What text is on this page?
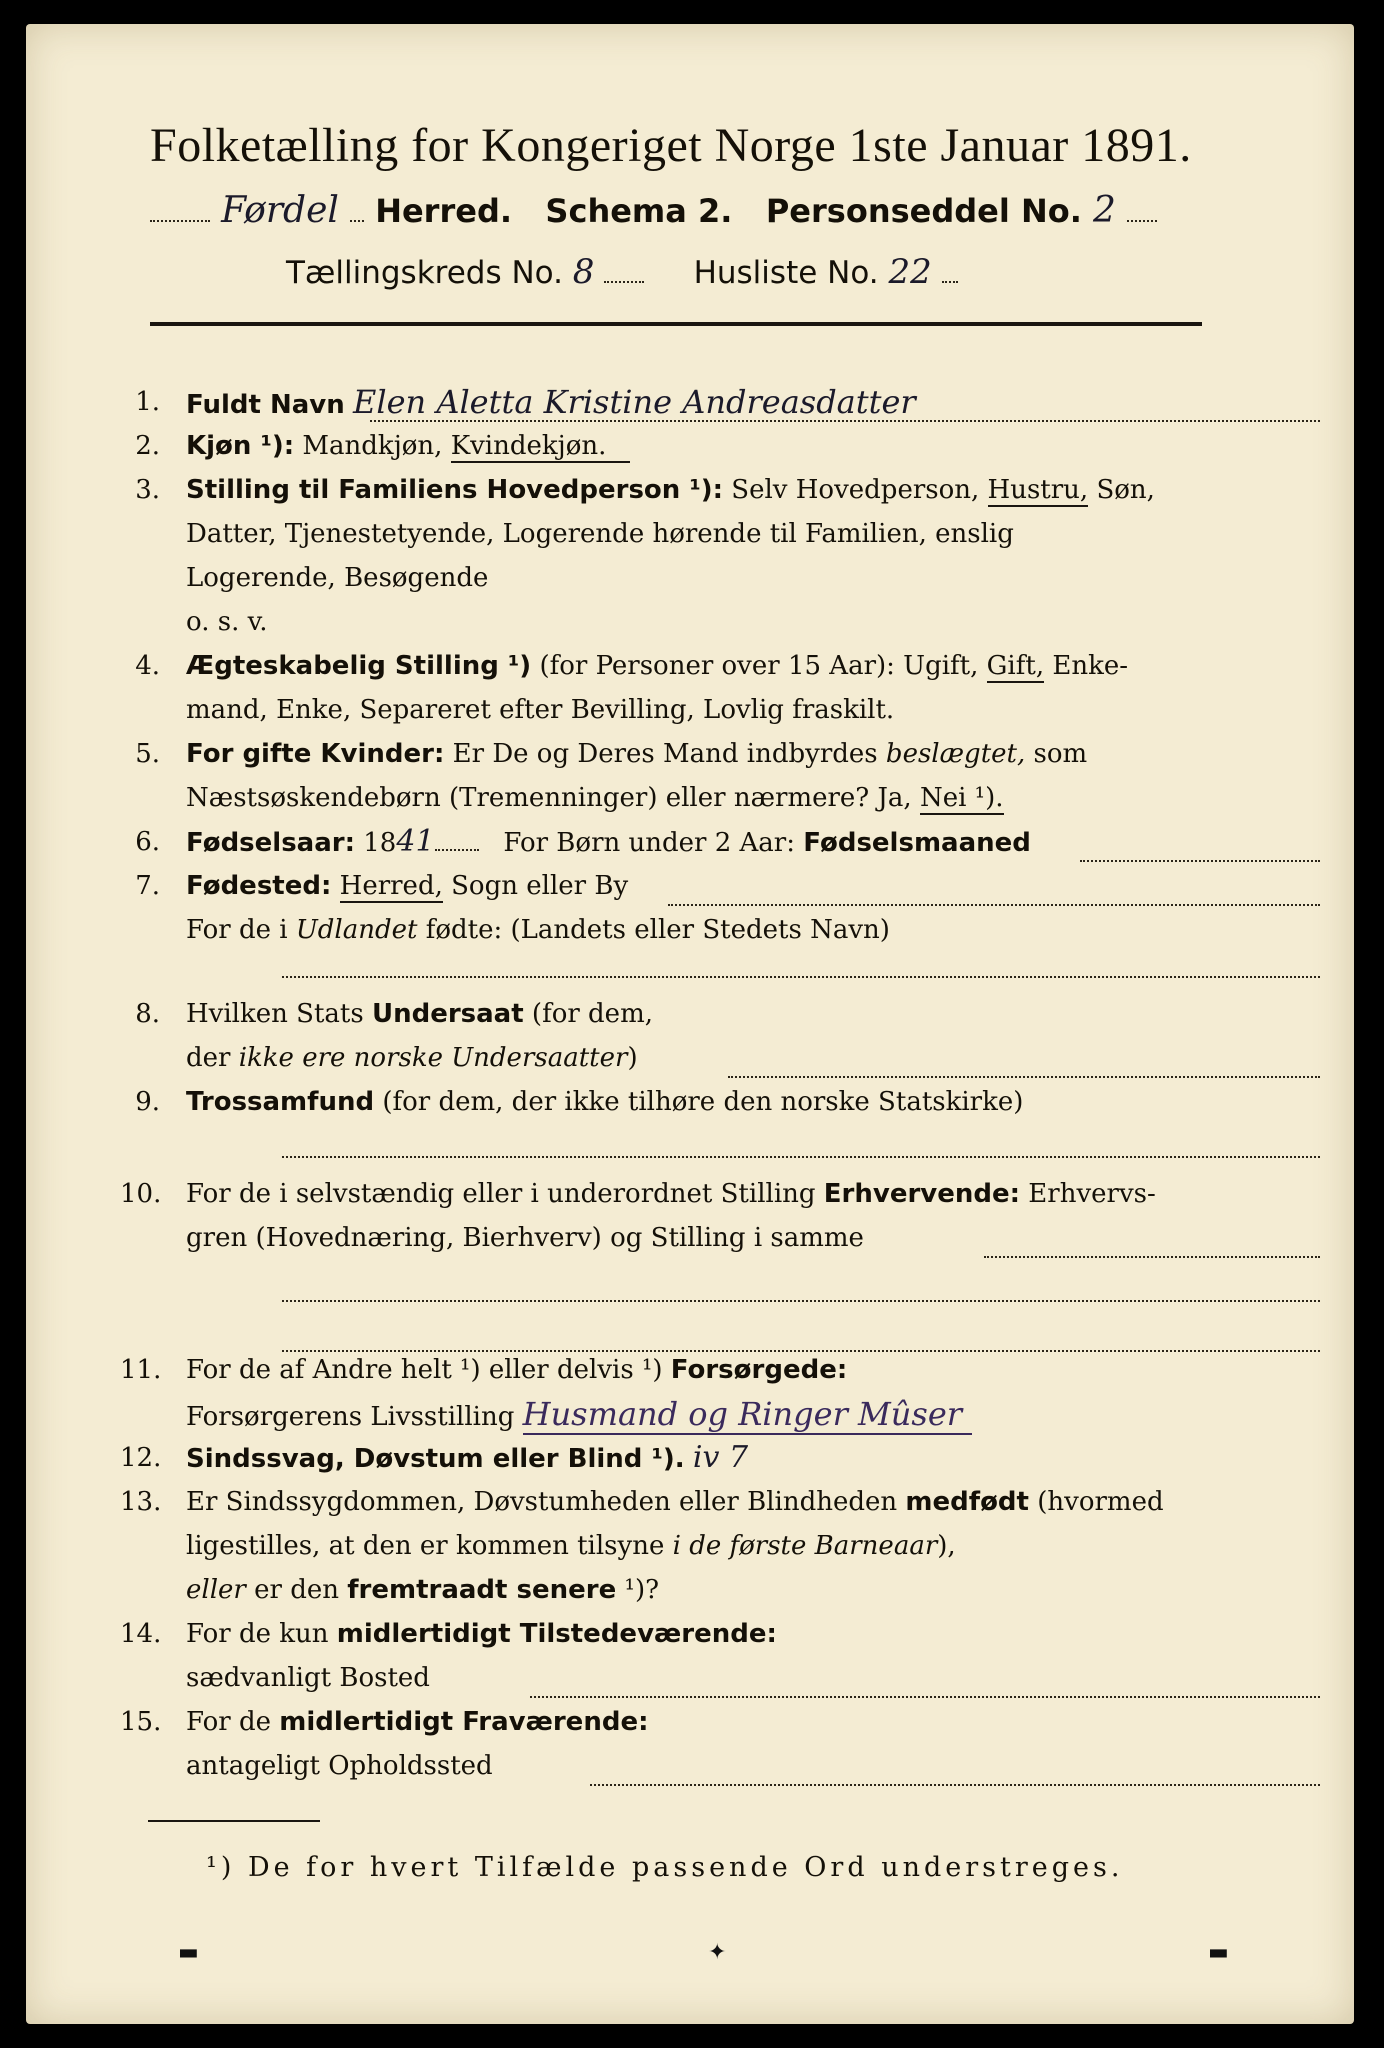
Folketælling for Kongeriget Norge 1ste Januar 1891.
Førdel Herred. Schema 2. Personseddel No. 2
Tællingskreds No. 8	Husliste No. 22
1. Fuldt Navn Elen Aletta Kristine Andreasdatter
2. Kjøn ¹): Mandkjøn, Kvindekjøn.
3. Stilling til Familiens Hovedperson ¹): Selv Hovedperson, Hustru, Søn,
Datter, Tjenestetyende, Logerende hørende til Familien, enslig
Logerende, Besøgende
o. s. v.
4. Ægteskabelig Stilling ¹) (for Personer over 15 Aar): Ugift, Gift, Enke-
mand, Enke, Separeret efter Bevilling, Lovlig fraskilt.
5. For gifte Kvinder: Er De og Deres Mand indbyrdes beslægtet, som
Næstsøskendebørn (Tremenninger) eller nærmere? Ja, Nei ¹).
6. Fødselsaar: 1841	For Børn under 2 Aar: Fødselsmaaned
7. Fødested: Herred, Sogn eller By
For de i Udlandet fødte: (Landets eller Stedets Navn)
8. Hvilken Stats Undersaat (for dem,
der ikke ere norske Undersaatter)
9. Trossamfund (for dem, der ikke tilhøre den norske Statskirke)
10. For de i selvstændig eller i underordnet Stilling Erhvervende: Erhvervs-
gren (Hovednæring, Bierhverv) og Stilling i samme
11. For de af Andre helt ¹) eller delvis ¹) Forsørgede:
Forsørgerens Livsstilling Husmand og Ringer Mûser
12. Sindssvag, Døvstum eller Blind ¹). iv 7
13. Er Sindssygdommen, Døvstumheden eller Blindheden medfødt (hvormed
ligestilles, at den er kommen tilsyne i de første Barneaar),
eller er den fremtraadt senere ¹)?
14. For de kun midlertidigt Tilstedeværende:
sædvanligt Bosted
15. For de midlertidigt Fraværende:
antageligt Opholdssted
¹) De for hvert Tilfælde passende Ord understreges.
▬	✦	▬
